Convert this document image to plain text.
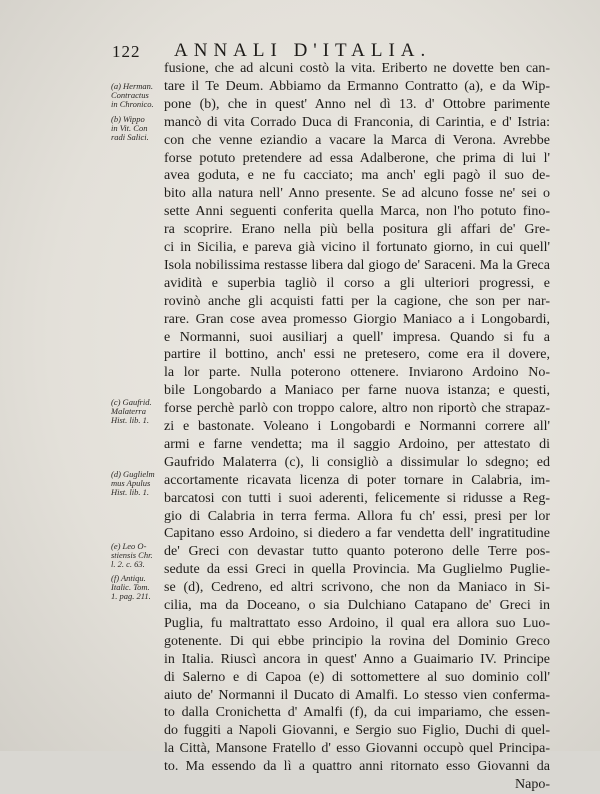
122 ANNALI D'ITALIA.
(a) Herman.
Contractus
in Chronico.
(b) Wippo
in Vit. Con
radi Salici.
(c) Gaufrid.
Malaterra
Hist. lib. 1.
(d) Guglielm
mus Apulus
Hist. lib. 1.
(e) Leo O-
stiensis Chr.
l. 2. c. 63.
(f) Antiqu.
Italic. Tom.
1. pag. 211.
fusione, che ad alcuni costò la vita. Eriberto ne dovette ben can-
tare il Te Deum. Abbiamo da Ermanno Contratto (a), e da Wip-
pone (b), che in quest' Anno nel dì 13. d' Ottobre parimente
mancò di vita Corrado Duca di Franconia, di Carintia, e d' Istria:
con che venne eziandio a vacare la Marca di Verona. Avrebbe
forse potuto pretendere ad essa Adalberone, che prima di lui l'
avea goduta, e ne fu cacciato; ma anch' egli pagò il suo de-
bito alla natura nell' Anno presente. Se ad alcuno fosse ne' sei o
sette Anni seguenti conferita quella Marca, non l'ho potuto fino-
ra scoprire. Erano nella più bella positura gli affari de' Gre-
ci in Sicilia, e pareva già vicino il fortunato giorno, in cui quell'
Isola nobilissima restasse libera dal giogo de' Saraceni. Ma la Greca
avidità e superbia tagliò il corso a gli ulteriori progressi, e
rovinò anche gli acquisti fatti per la cagione, che son per nar-
rare. Gran cose avea promesso Giorgio Maniaco a i Longobardi,
e Normanni, suoi ausiliarj a quell' impresa. Quando si fu a
partire il bottino, anch' essi ne pretesero, come era il dovere,
la lor parte. Nulla poterono ottenere. Inviarono Ardoino No-
bile Longobardo a Maniaco per farne nuova istanza; e questi,
forse perchè parlò con troppo calore, altro non riportò che strapaz-
zi e bastonate. Voleano i Longobardi e Normanni correre all'
armi e farne vendetta; ma il saggio Ardoino, per attestato di
Gaufrido Malaterra (c), li consigliò a dissimular lo sdegno; ed
accortamente ricavata licenza di poter tornare in Calabria, im-
barcatosi con tutti i suoi aderenti, felicemente si ridusse a Reg-
gio di Calabria in terra ferma. Allora fu ch' essi, presi per lor
Capitano esso Ardoino, si diedero a far vendetta dell' ingratitudine
de' Greci con devastar tutto quanto poterono delle Terre pos-
sedute da essi Greci in quella Provincia. Ma Guglielmo Puglie-
se (d), Cedreno, ed altri scrivono, che non da Maniaco in Si-
cilia, ma da Doceano, o sia Dulchiano Catapano de' Greci in
Puglia, fu maltrattato esso Ardoino, il qual era allora suo Luo-
gotenente. Di qui ebbe principio la rovina del Dominio Greco
in Italia. Riuscì ancora in quest' Anno a Guaimario IV. Principe
di Salerno e di Capoa (e) di sottomettere al suo dominio coll'
aiuto de' Normanni il Ducato di Amalfi. Lo stesso vien conferma-
to dalla Cronichetta d' Amalfi (f), da cui impariamo, che essen-
do fuggiti a Napoli Giovanni, e Sergio suo Figlio, Duchi di quel-
la Città, Mansone Fratello d' esso Giovanni occupò quel Principa-
to. Ma essendo da lì a quattro anni ritornato esso Giovanni da
Napo-
